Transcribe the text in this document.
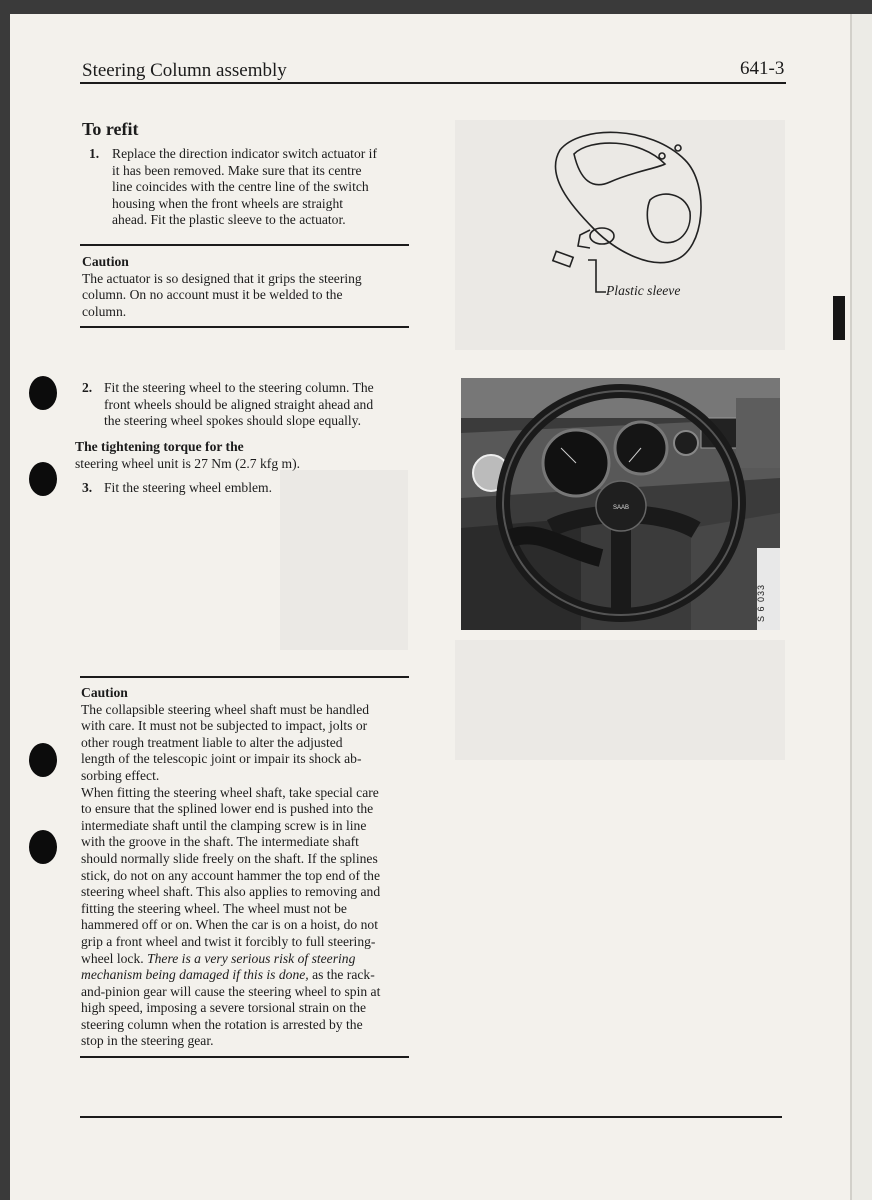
Steering Column assembly	641-3
To refit
1. Replace the direction indicator switch actuator if
it has been removed. Make sure that its centre
line coincides with the centre line of the switch
housing when the front wheels are straight
ahead. Fit the plastic sleeve to the actuator.
Caution
The actuator is so designed that it grips the steering
column. On no account must it be welded to the
column.
2. Fit the steering wheel to the steering column. The
front wheels should be aligned straight ahead and
the steering wheel spokes should slope equally.
The tightening torque for the
steering wheel unit is 27 Nm (2.7 kfg m).
3. Fit the steering wheel emblem.
Caution
The collapsible steering wheel shaft must be handled
with care. It must not be subjected to impact, jolts or
other rough treatment liable to alter the adjusted
length of the telescopic joint or impair its shock ab-
sorbing effect.
When fitting the steering wheel shaft, take special care
to ensure that the splined lower end is pushed into the
intermediate shaft until the clamping screw is in line
with the groove in the shaft. The intermediate shaft
should normally slide freely on the shaft. If the splines
stick, do not on any account hammer the top end of the
steering wheel shaft. This also applies to removing and
fitting the steering wheel. The wheel must not be
hammered off or on. When the car is on a hoist, do not
grip a front wheel and twist it forcibly to full steering-
wheel lock. There is a very serious risk of steering
mechanism being damaged if this is done, as the rack-
and-pinion gear will cause the steering wheel to spin at
high speed, imposing a severe torsional strain on the
steering column when the rotation is arrested by the
stop in the steering gear.
Plastic sleeve
SAAB
S 6 033
